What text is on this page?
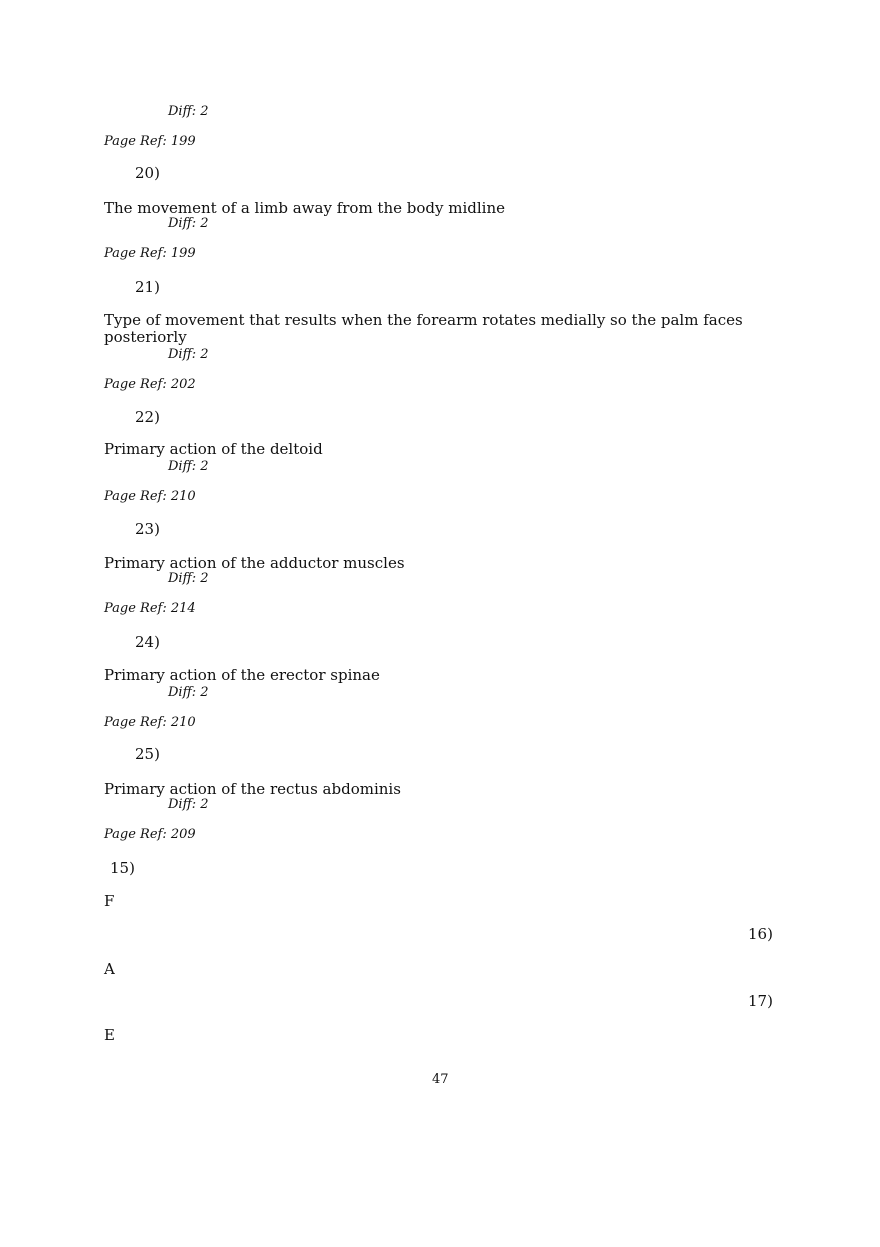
Diff: 2
Page Ref: 199
20)
The movement of a limb away from the body midline
Diff: 2
Page Ref: 199
21)
Type of movement that results when the forearm rotates medially so the palm faces posteriorly
Diff: 2
Page Ref: 202
22)
Primary action of the deltoid
Diff: 2
Page Ref: 210
23)
Primary action of the adductor muscles
Diff: 2
Page Ref: 214
24)
Primary action of the erector spinae
Diff: 2
Page Ref: 210
25)
Primary action of the rectus abdominis
Diff: 2
Page Ref: 209
15)
F
16)
A
17)
E
47
